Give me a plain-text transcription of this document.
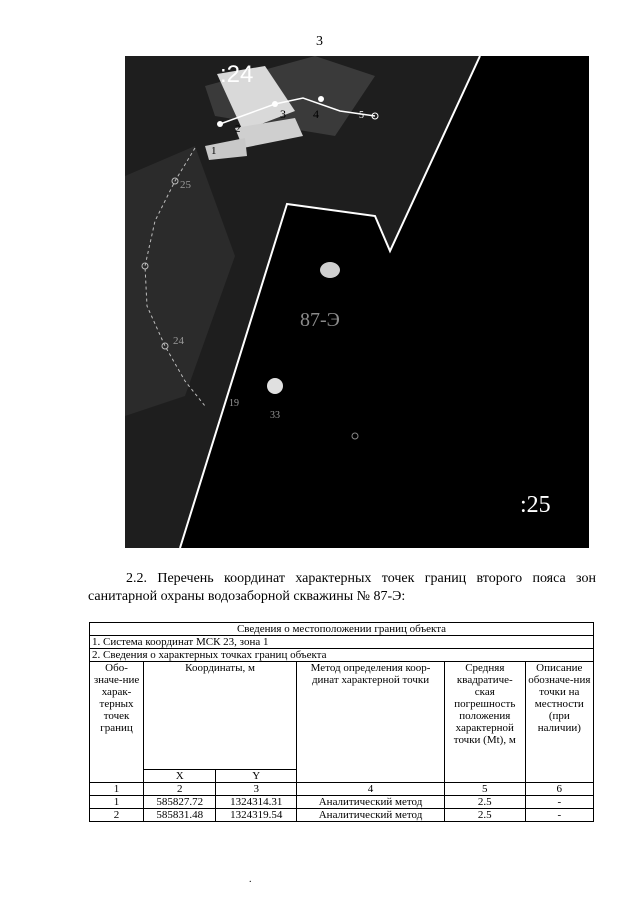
3
:24
:25
87-Э
1
2
3 4	5
19
24
25
33
2.2. Перечень координат характерных точек границ второго пояса зон санитарной охраны водозаборной скважины № 87-Э:
Сведения о местоположении границ объекта					
1. Система координат МСК 23, зона 1					
2. Сведения о характерных точках границ объекта					
Обо-значе-ние харак-терных точек границ	Координаты, м		Метод определения коор-динат характерной точки	Средняя квадратиче-ская погрешность положения характерной точки (Mt), м	Описание обозначе-ния точки на местности (при наличии)
	X	Y			
1	2	3	4	5	6
1	585827.72	1324314.31	Аналитический метод	2.5	-
2	585831.48	1324319.54	Аналитический метод	2.5	-
.
